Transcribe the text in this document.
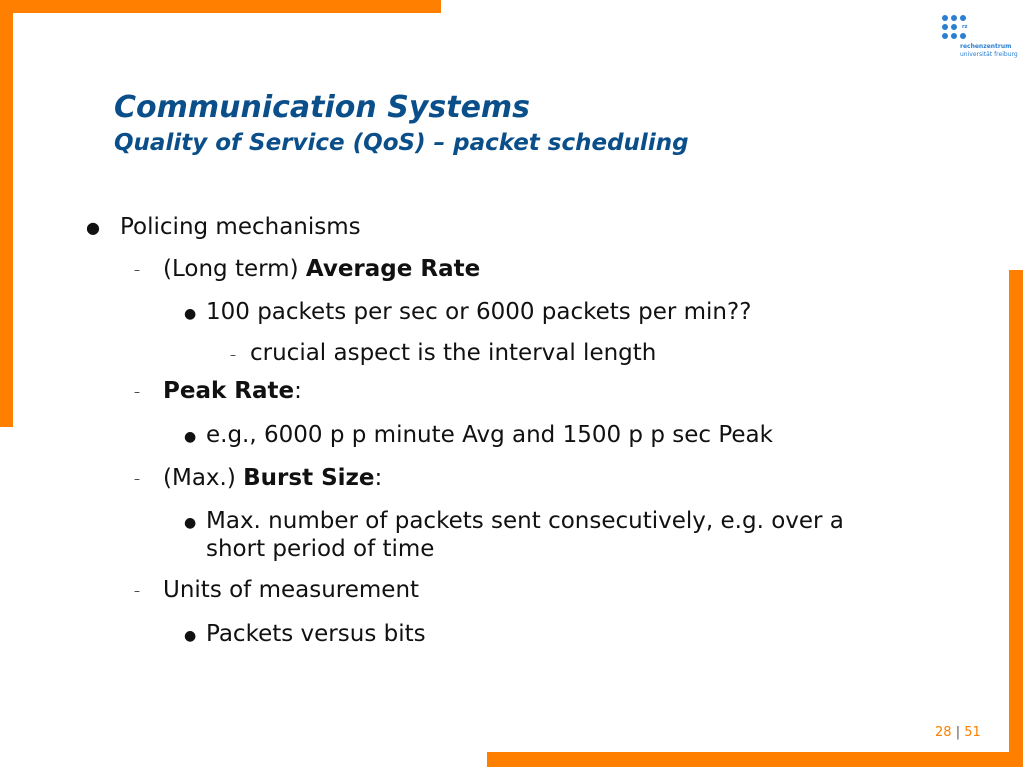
rz
rechenzentrum
universität freiburg
Communication Systems
Quality of Service (QoS) – packet scheduling
● Policing mechanisms
– (Long term) Average Rate
● 100 packets per sec or 6000 packets per min??
– crucial aspect is the interval length
– Peak Rate:
● e.g., 6000 p p minute Avg and 1500 p p sec Peak
– (Max.) Burst Size:
● Max. number of packets sent consecutively, e.g. over a
short period of time
– Units of measurement
● Packets versus bits
28 | 51
